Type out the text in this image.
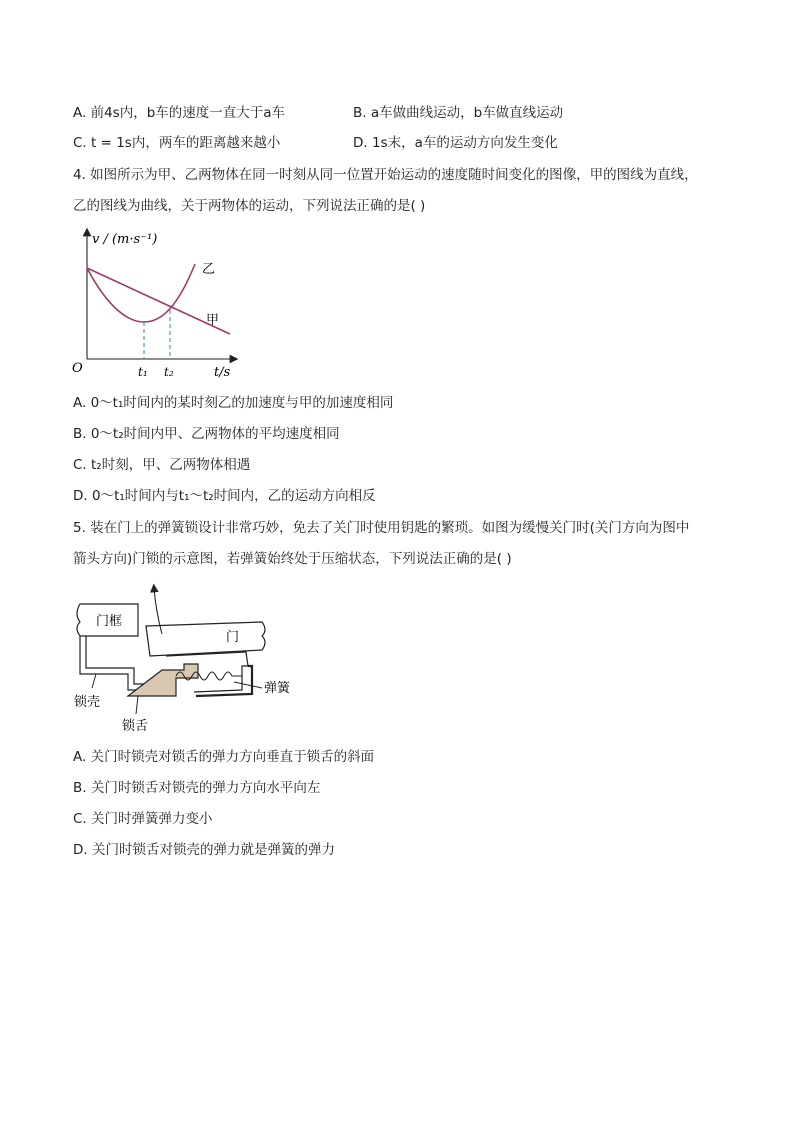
A. 前4s内，b车的速度一直大于a车	B. a车做曲线运动，b车做直线运动
C. t = 1s内，两车的距离越来越小	D. 1s末，a车的运动方向发生变化
4. 如图所示为甲、乙两物体在同一时刻从同一位置开始运动的速度随时间变化的图像，甲的图线为直线，
乙的图线为曲线，关于两物体的运动，下列说法正确的是( )
v / (m·s⁻¹)
t/s
O	t₁ t₂
乙
甲
A. 0～t₁时间内的某时刻乙的加速度与甲的加速度相同
B. 0～t₂时间内甲、乙两物体的平均速度相同
C. t₂时刻，甲、乙两物体相遇
D. 0～t₁时间内与t₁～t₂时间内，乙的运动方向相反
5. 装在门上的弹簧锁设计非常巧妙，免去了关门时使用钥匙的繁琐。如图为缓慢关门时(关门方向为图中
箭头方向)门锁的示意图，若弹簧始终处于压缩状态，下列说法正确的是( )
门框
门
弹簧
锁壳
锁舌
A. 关门时锁壳对锁舌的弹力方向垂直于锁舌的斜面
B. 关门时锁舌对锁壳的弹力方向水平向左
C. 关门时弹簧弹力变小
D. 关门时锁舌对锁壳的弹力就是弹簧的弹力
